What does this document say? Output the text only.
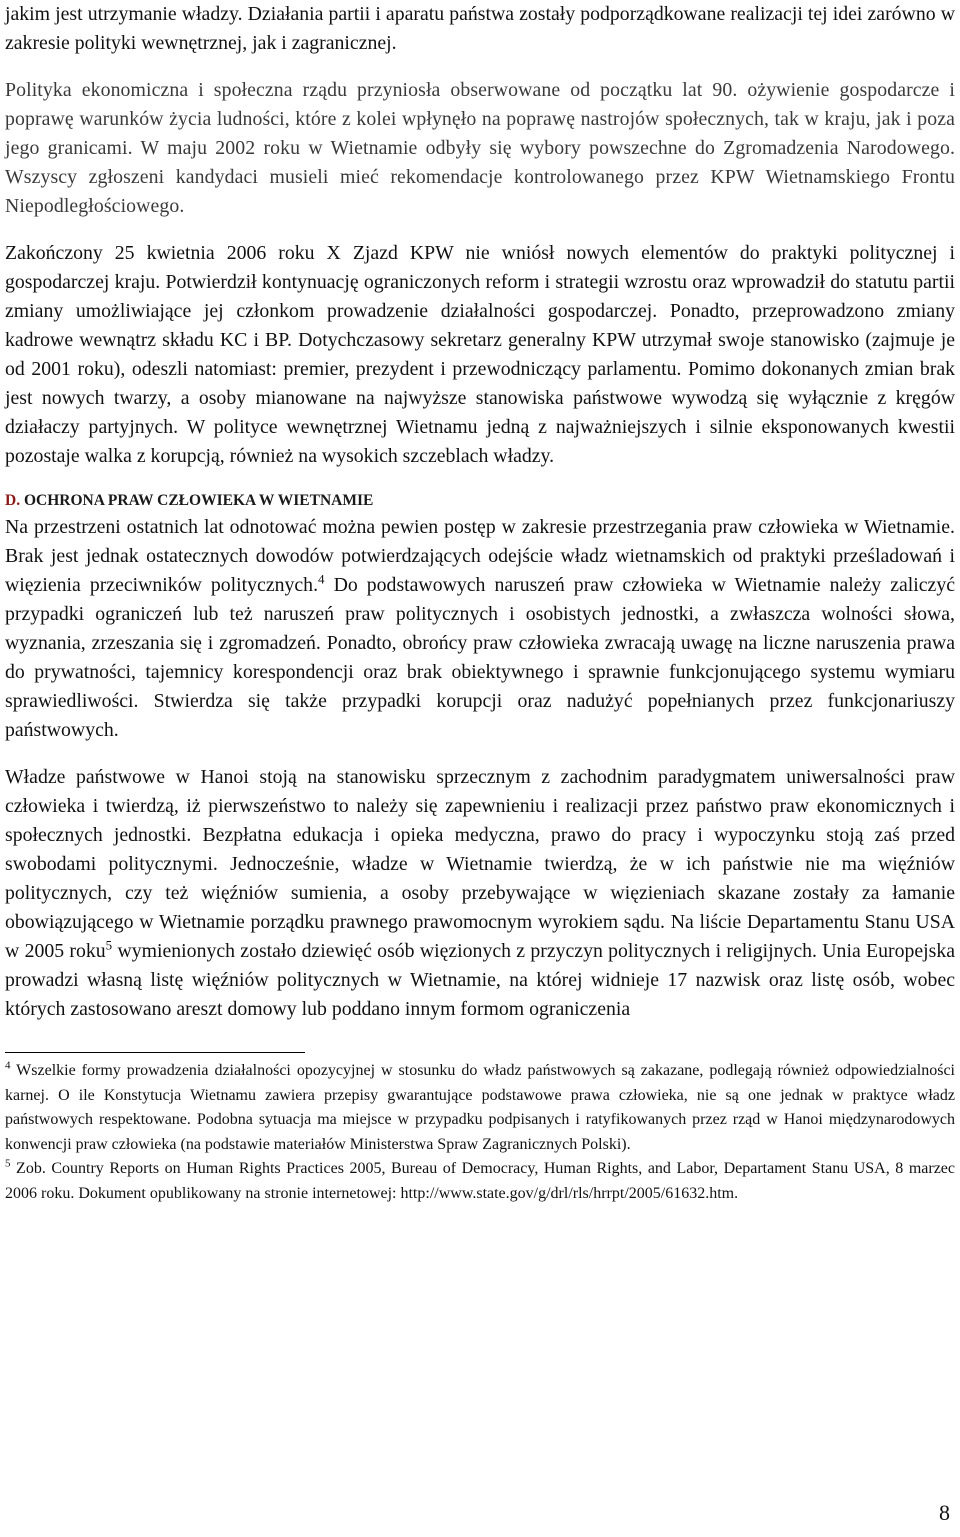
jakim jest utrzymanie władzy. Działania partii i aparatu państwa zostały podporządkowane realizacji tej idei zarówno w zakresie polityki wewnętrznej, jak i zagranicznej.

Polityka ekonomiczna i społeczna rządu przyniosła obserwowane od początku lat 90. ożywienie gospodarcze i poprawę warunków życia ludności, które z kolei wpłynęło na poprawę nastrojów społecznych, tak w kraju, jak i poza jego granicami. W maju 2002 roku w Wietnamie odbyły się wybory powszechne do Zgromadzenia Narodowego. Wszyscy zgłoszeni kandydaci musieli mieć rekomendacje kontrolowanego przez KPW Wietnamskiego Frontu Niepodległościowego.

Zakończony 25 kwietnia 2006 roku X Zjazd KPW nie wniósł nowych elementów do praktyki politycznej i gospodarczej kraju. Potwierdził kontynuację ograniczonych reform i strategii wzrostu oraz wprowadził do statutu partii zmiany umożliwiające jej członkom prowadzenie działalności gospodarczej. Ponadto, przeprowadzono zmiany kadrowe wewnątrz składu KC i BP. Dotychczasowy sekretarz generalny KPW utrzymał swoje stanowisko (zajmuje je od 2001 roku), odeszli natomiast: premier, prezydent i przewodniczący parlamentu. Pomimo dokonanych zmian brak jest nowych twarzy, a osoby mianowane na najwyższe stanowiska państwowe wywodzą się wyłącznie z kręgów działaczy partyjnych. W polityce wewnętrznej Wietnamu jedną z najważniejszych i silnie eksponowanych kwestii pozostaje walka z korupcją, również na wysokich szczeblach władzy.

D. OCHRONA PRAW CZŁOWIEKA W WIETNAMIE

Na przestrzeni ostatnich lat odnotować można pewien postęp w zakresie przestrzegania praw człowieka w Wietnamie. Brak jest jednak ostatecznych dowodów potwierdzających odejście władz wietnamskich od praktyki prześladowań i więzienia przeciwników politycznych.$^4$ Do podstawowych naruszeń praw człowieka w Wietnamie należy zaliczyć przypadki ograniczeń lub też naruszeń praw politycznych i osobistych jednostki, a zwłaszcza wolności słowa, wyznania, zrzeszania się i zgromadzeń. Ponadto, obrońcy praw człowieka zwracają uwagę na liczne naruszenia prawa do prywatności, tajemnicy korespondencji oraz brak obiektywnego i sprawnie funkcjonującego systemu wymiaru sprawiedliwości. Stwierdza się także przypadki korupcji oraz nadużyć popełnianych przez funkcjonariuszy państwowych.

Władze państwowe w Hanoi stoją na stanowisku sprzecznym z zachodnim paradygmatem uniwersalności praw człowieka i twierdzą, iż pierwszeństwo to należy się zapewnieniu i realizacji przez państwo praw ekonomicznych i społecznych jednostki. Bezpłatna edukacja i opieka medyczna, prawo do pracy i wypoczynku stoją zaś przed swobodami politycznymi. Jednocześnie, władze w Wietnamie twierdzą, że w ich państwie nie ma więźniów politycznych, czy też więźniów sumienia, a osoby przebywające w więzieniach skazane zostały za łamanie obowiązującego w Wietnamie porządku prawnego prawomocnym wyrokiem sądu. Na liście Departamentu Stanu USA w 2005 roku$^5$ wymienionych zostało dziewięć osób więzionych z przyczyn politycznych i religijnych. Unia Europejska prowadzi własną listę więźniów politycznych w Wietnamie, na której widnieje 17 nazwisk oraz listę osób, wobec których zastosowano areszt domowy lub poddano innym formom ograniczenia

$^4$ Wszelkie formy prowadzenia działalności opozycyjnej w stosunku do władz państwowych są zakazane, podlegają również odpowiedzialności karnej. O ile Konstytucja Wietnamu zawiera przepisy gwarantujące podstawowe prawa człowieka, nie są one jednak w praktyce władz państwowych respektowane. Podobna sytuacja ma miejsce w przypadku podpisanych i ratyfikowanych przez rząd w Hanoi międzynarodowych konwencji praw człowieka (na podstawie materiałów Ministerstwa Spraw Zagranicznych Polski).

$^5$ Zob. Country Reports on Human Rights Practices 2005, Bureau of Democracy, Human Rights, and Labor, Departament Stanu USA, 8 marzec 2006 roku. Dokument opublikowany na stronie internetowej: http://www.state.gov/g/drl/rls/hrrpt/2005/61632.htm.

8
